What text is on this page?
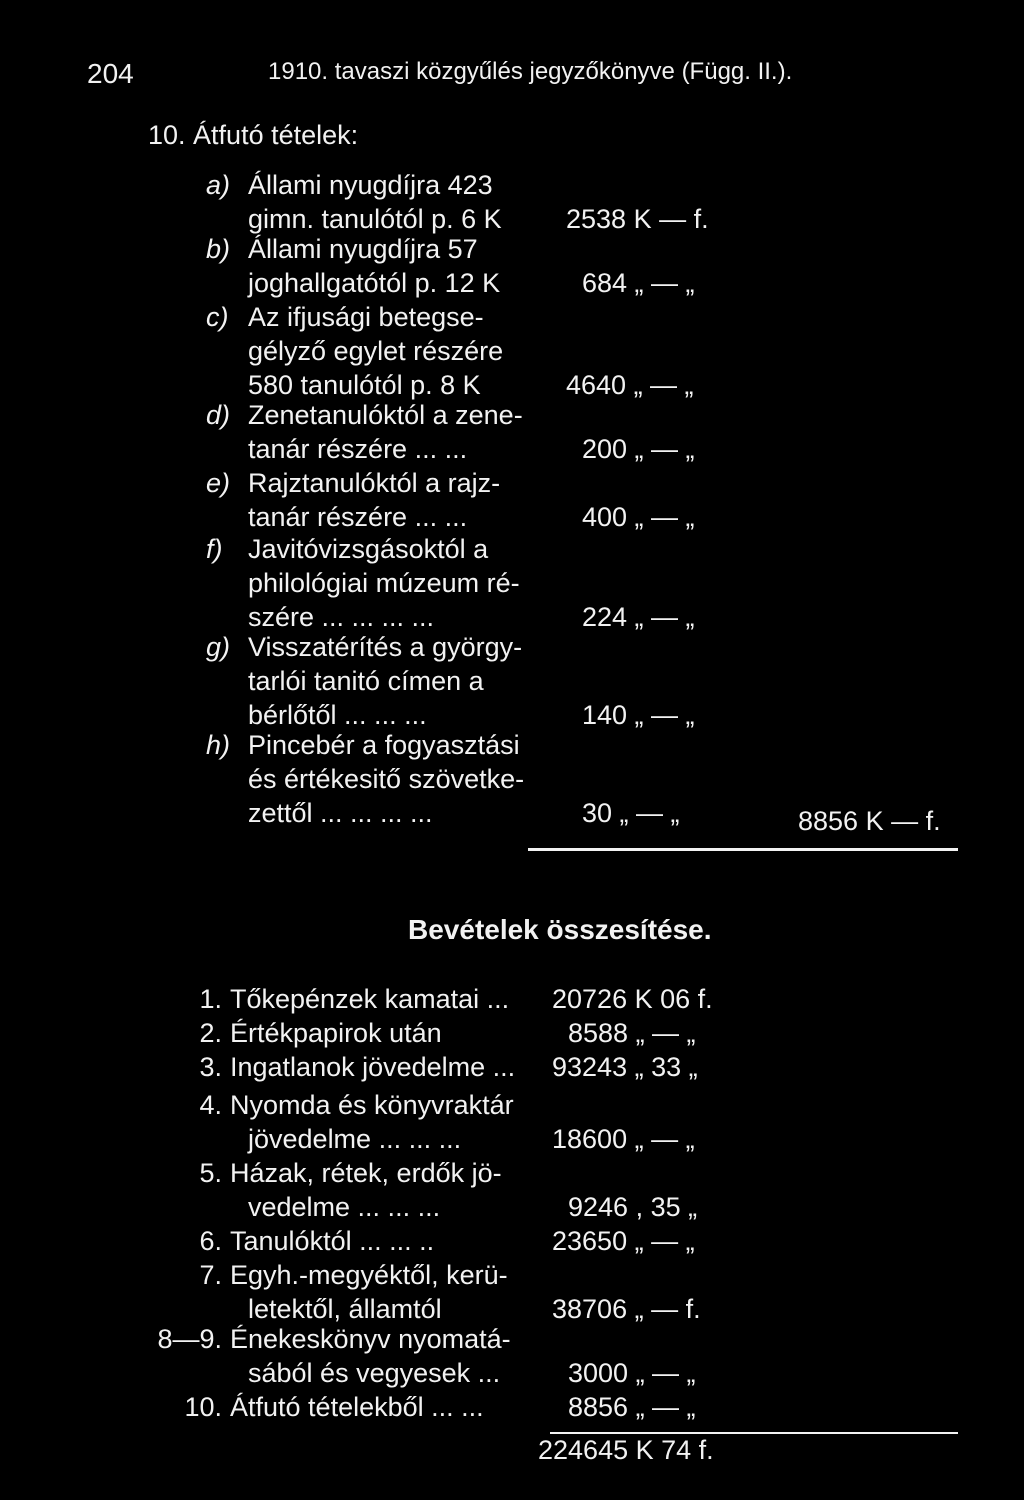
204	1910. tavaszi közgyűlés jegyzőkönyve (Függ. II.).
10. Átfutó tételek:
a) Állami nyugdíjra 423
gimn. tanulótól p. 6 K 2538 K — f.
b) Állami nyugdíjra 57
joghallgatótól p. 12 K	684 „ — „
c) Az ifjusági betegse-
gélyző egylet részére
580 tanulótól p. 8 K	4640 „ — „
d) Zenetanulóktól a zene-
tanár részére ... ...	200 „ — „
e) Rajztanulóktól a rajz-
tanár részére ... ...	400 „ — „
f) Javitóvizsgásoktól a
philológiai múzeum ré-
szére ... ... ... ...	224 „ — „
g) Visszatérítés a györgy-
tarlói tanitó címen a
bérlőtől ... ... ...	140 „ — „
h) Pincebér a fogyasztási
és értékesitő szövetke-
zettől ... ... ... ...	30 „ — „	8856 K — f.
Bevételek összesítése.
1. Tőkepénzek kamatai ... 20726 K 06 f.
2. Értékpapirok után	8588 „ — „
3. Ingatlanok jövedelme ... 93243 „ 33 „
4. Nyomda és könyvraktár
jövedelme ... ... ...	18600 „ — „
5. Házak, rétek, erdők jö-
vedelme ... ... ...	9246 , 35 „
6. Tanulóktól ... ... ..	23650 „ — „
7. Egyh.-megyéktől, kerü-
letektől, államtól	38706 „ — f.
8—9. Énekeskönyv nyomatá-
sából és vegyesek ...	3000 „ — „
10. Átfutó tételekből ... ...	8856 „ — „
224645 K 74 f.
